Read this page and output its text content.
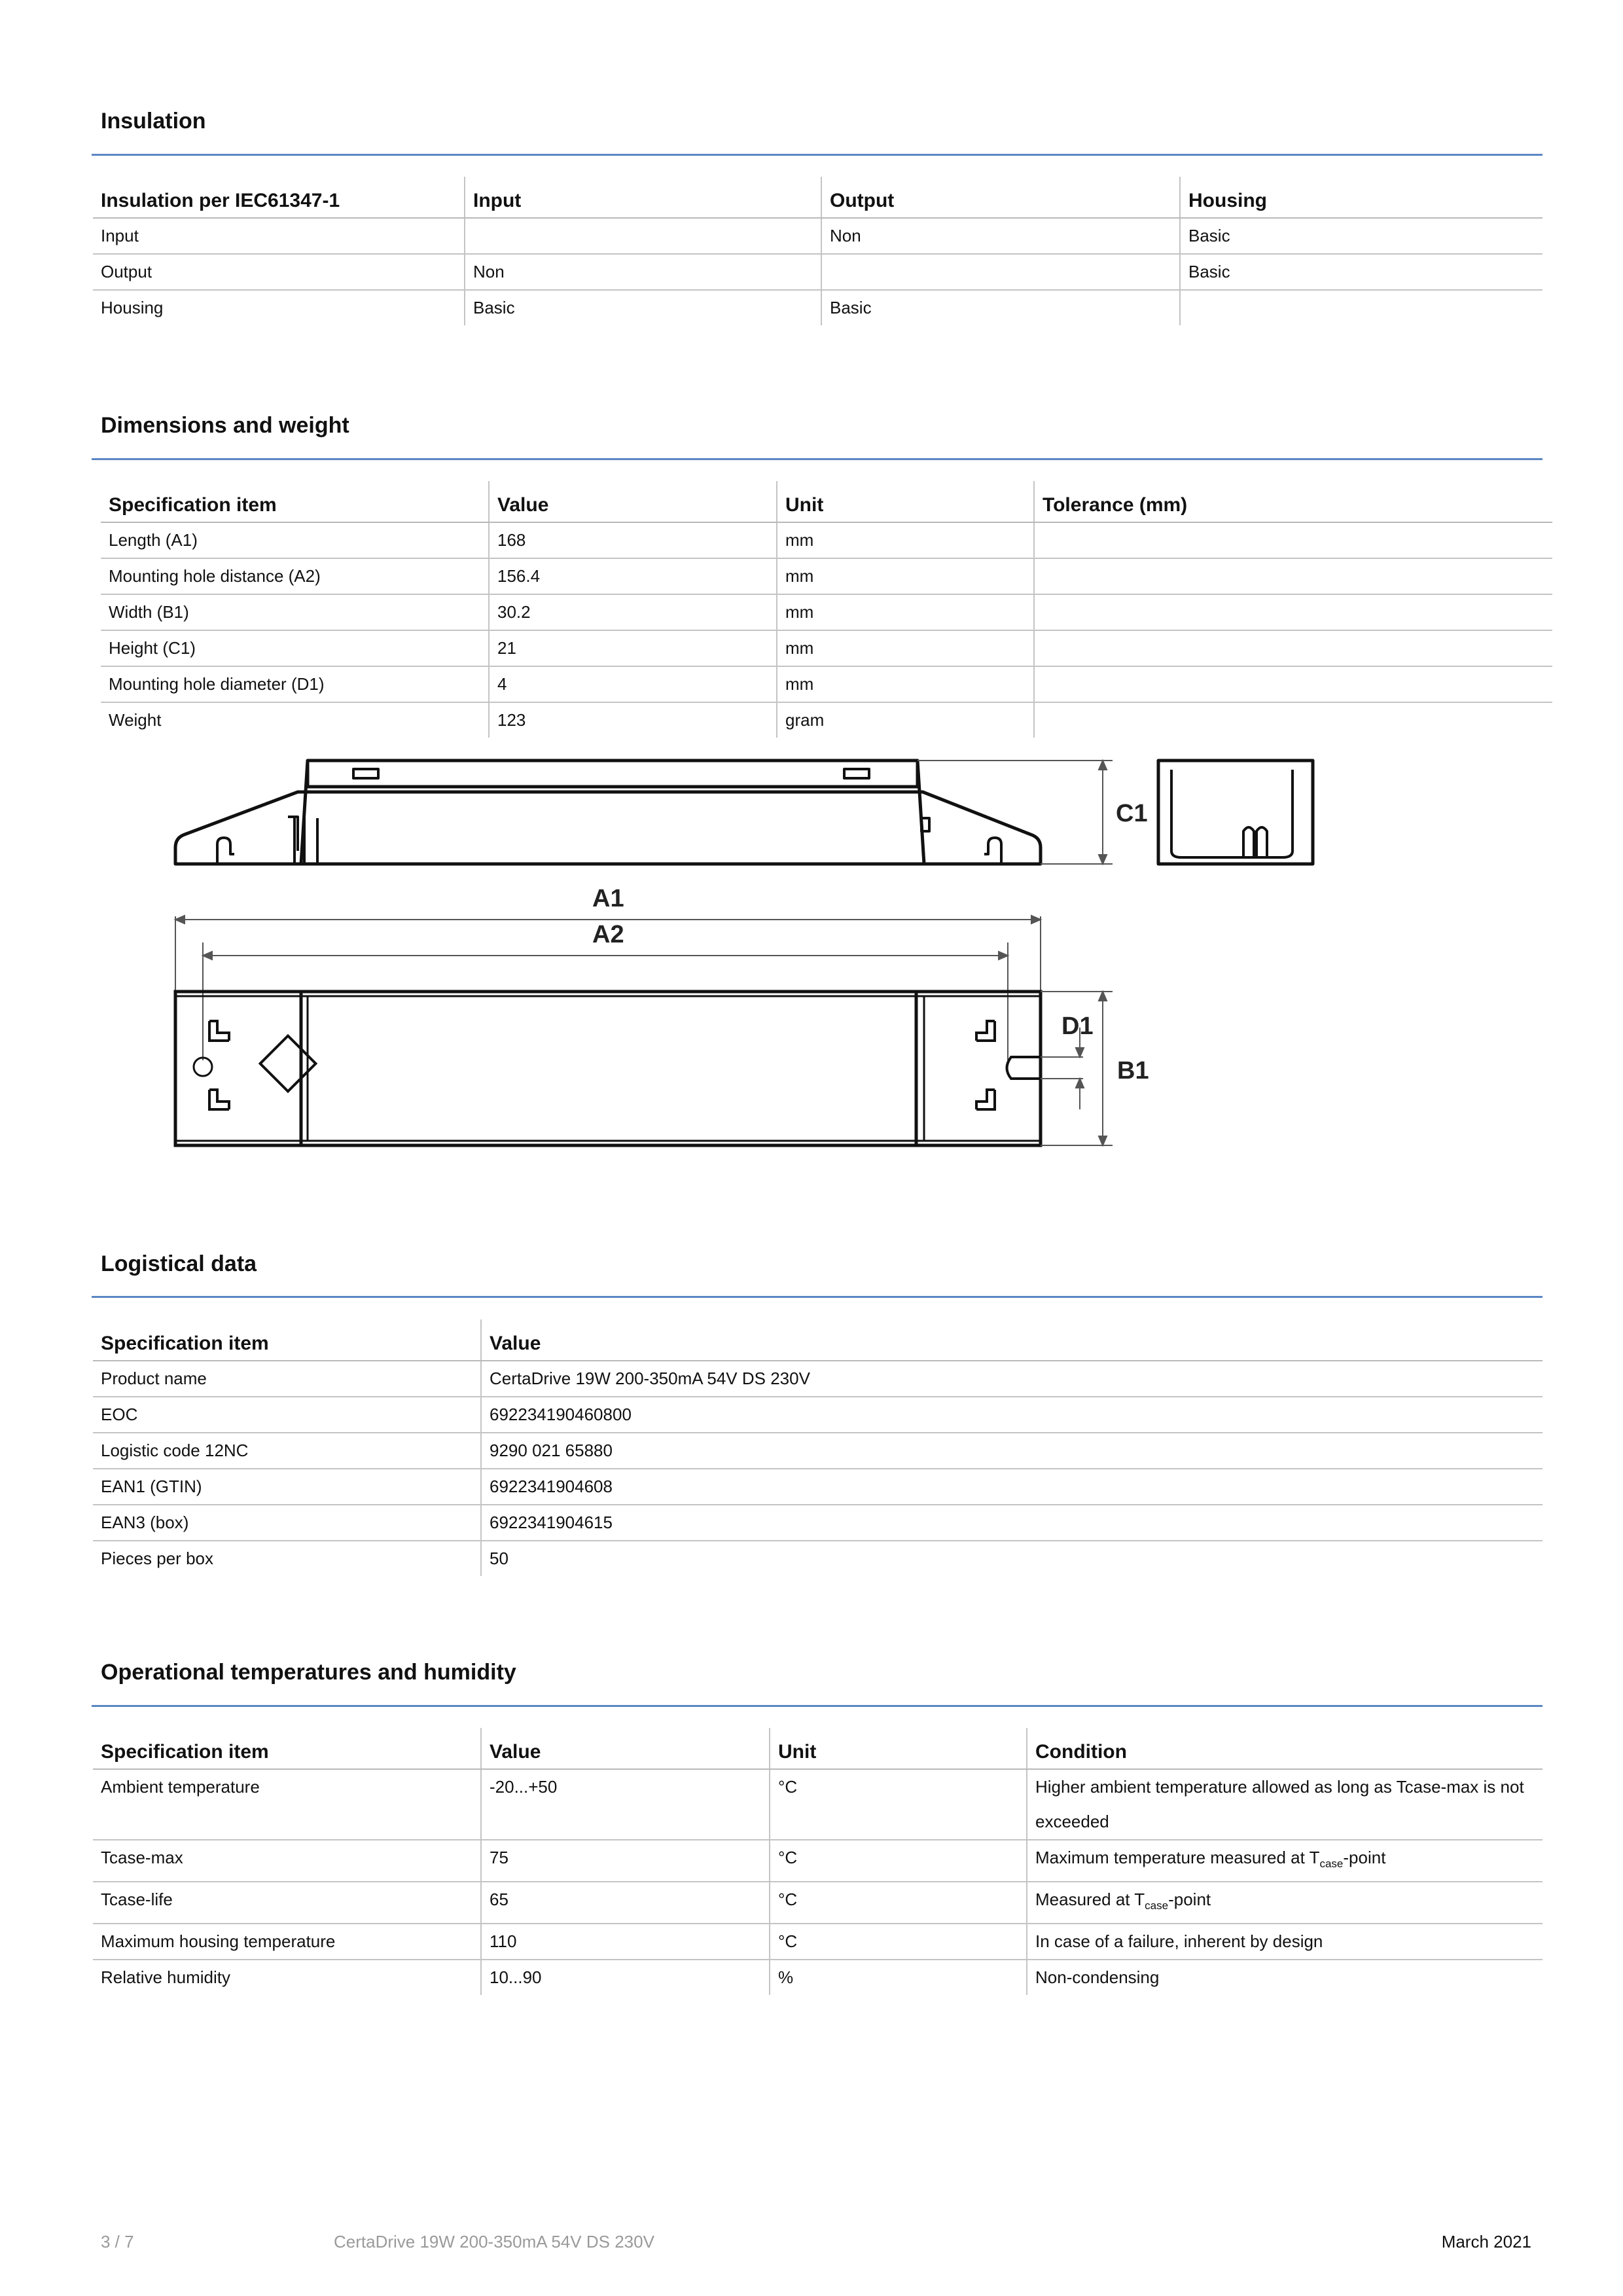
Insulation
Insulation per IEC61347-1	Input	Output	Housing
Input		Non	Basic
Output	Non		Basic
Housing	Basic	Basic	
Dimensions and weight
Specification item	Value	Unit	Tolerance (mm)
Length (A1)	168	mm	
Mounting hole distance (A2)	156.4	mm	
Width (B1)	30.2	mm	
Height (C1)	21	mm	
Mounting hole diameter (D1)	4	mm	
Weight	123	gram	
C1
A1
A2
D1
B1
Logistical data
Specification item	Value
Product name	CertaDrive 19W 200-350mA 54V DS 230V
EOC	692234190460800
Logistic code 12NC	9290 021 65880
EAN1 (GTIN)	6922341904608
EAN3 (box)	6922341904615
Pieces per box	50
Operational temperatures and humidity
Specification item	Value	Unit	Condition
Ambient temperature	-20...+50	°C	Higher ambient temperature allowed as long as Tcase-max is not exceeded
Tcase-max	75	°C	Maximum temperature measured at $T_{case}$-point
Tcase-life	65	°C	Measured at $T_{case}$-point
Maximum housing temperature	110	°C	In case of a failure, inherent by design
Relative humidity	10...90	%	Non-condensing
3 / 7	CertaDrive 19W 200-350mA 54V DS 230V	March 2021
